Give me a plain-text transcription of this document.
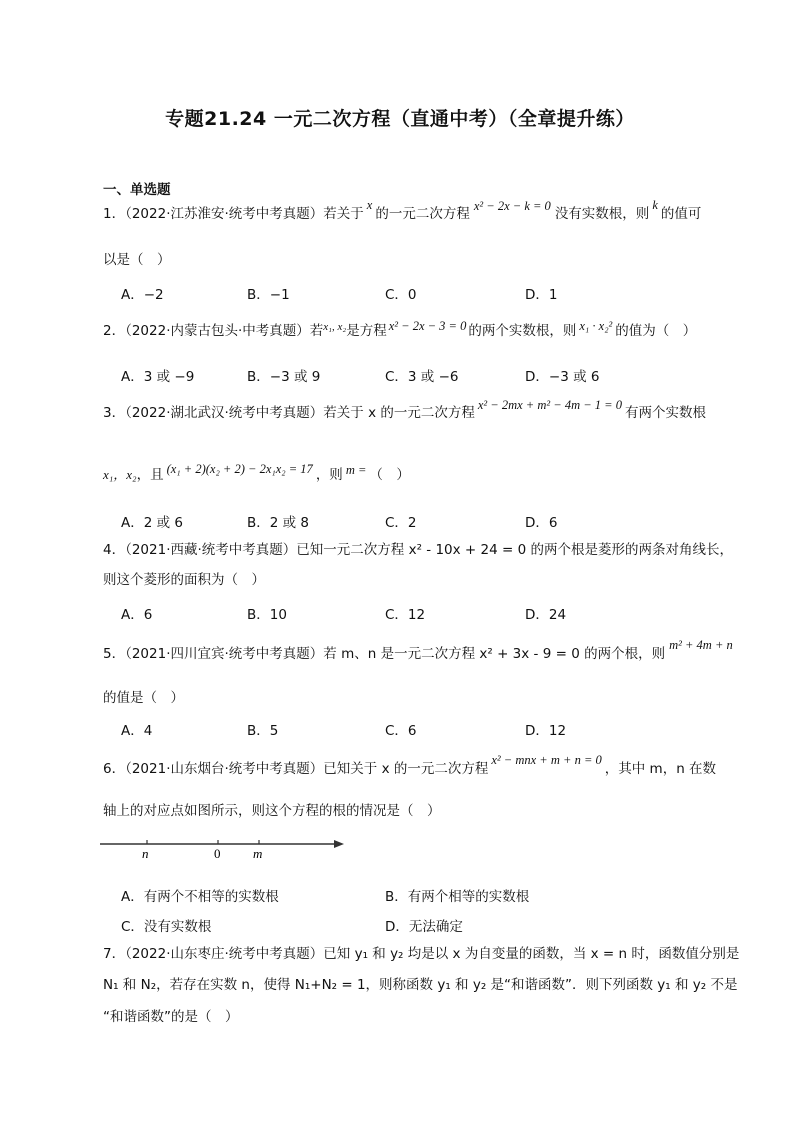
专题21.24 一元二次方程（直通中考）（全章提升练）
一、单选题
1．（2022·江苏淮安·统考中考真题）若关于x的一元二次方程 x² − 2x − k = 0 没有实数根，则k的值可
以是（　）
A．−2	B．−1	C．0	D．1
2．（2022·内蒙古包头·中考真题）若$^{x_1, x_2}$是方程 x² − 2x − 3 = 0 的两个实数根，则 x₁ · x₂² 的值为（　）
A．3 或 −9	B．−3 或 9	C．3 或 −6	D．−3 或 6
3．（2022·湖北武汉·统考中考真题）若关于 x 的一元二次方程 x² − 2mx + m² − 4m − 1 = 0 有两个实数根
x₁，x₂，且 (x₁ + 2)(x₂ + 2) − 2x₁x₂ = 17 ，则 m = （　）
A．2 或 6	B．2 或 8	C．2	D．6
4．（2021·西藏·统考中考真题）已知一元二次方程 x² - 10x + 24 = 0 的两个根是菱形的两条对角线长，
则这个菱形的面积为（　）
A．6	B．10	C．12	D．24
5．（2021·四川宜宾·统考中考真题）若 m、n 是一元二次方程 x² + 3x - 9 = 0 的两个根，则m² + 4m + n
的值是（　）
A．4	B．5	C．6	D．12
6．（2021·山东烟台·统考中考真题）已知关于 x 的一元二次方程x² − mnx + m + n = 0，其中 m，n 在数
轴上的对应点如图所示，则这个方程的根的情况是（　）
n	0	m
A．有两个不相等的实数根	B．有两个相等的实数根
C．没有实数根	D．无法确定
7．（2022·山东枣庄·统考中考真题）已知 y₁ 和 y₂ 均是以 x 为自变量的函数，当 x = n 时，函数值分别是
N₁ 和 N₂，若存在实数 n，使得 N₁+N₂ = 1，则称函数 y₁ 和 y₂ 是“和谐函数”．则下列函数 y₁ 和 y₂ 不是
“和谐函数”的是（　）
